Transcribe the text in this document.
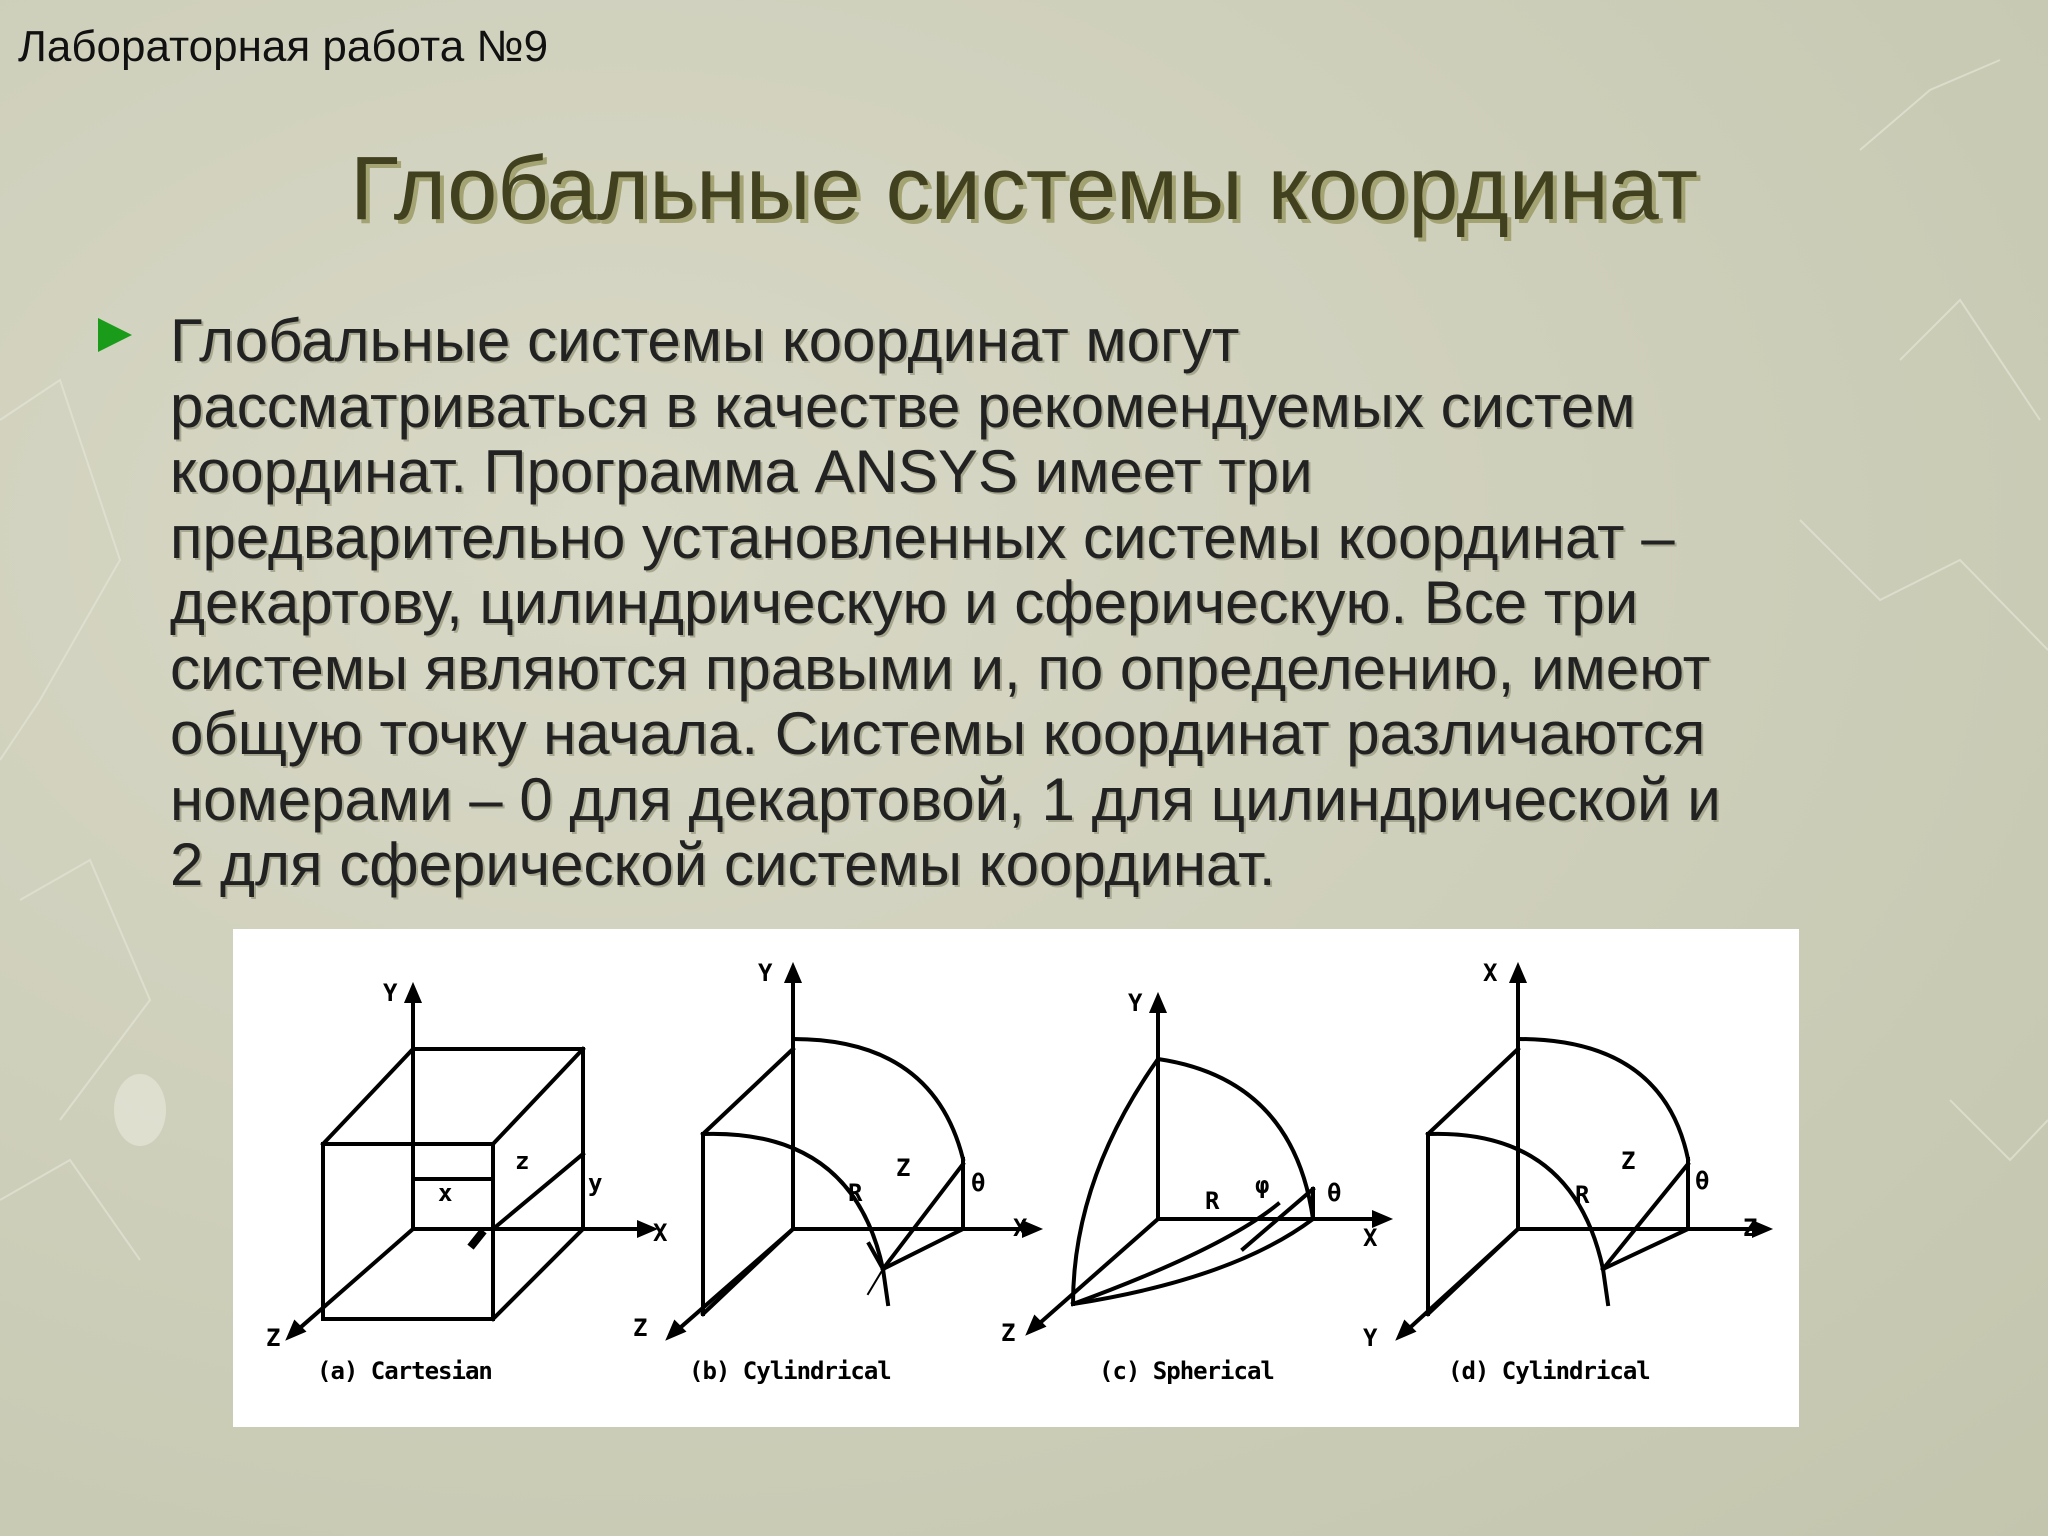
Лабораторная работа №9
Глобальные системы координат
Глобальные системы координат могут
рассматриваться в качестве рекомендуемых систем
координат. Программа ANSYS имеет три
предварительно установленных системы координат –
декартову, цилиндрическую и сферическую. Все три
системы являются правыми и, по определению, имеют
общую точку начала. Системы координат различаются
номерами – 0 для декартовой, 1 для цилиндрической и
2 для сферической системы координат.
Y
X
Z
x
z
y
Y
X
Z
R
Z
θ
Y
X
Z
R
φ θ
X
Z
Y
R
Z
θ
(a) Cartesian	(b) Cylindrical	(c) Spherical	(d) Cylindrical
